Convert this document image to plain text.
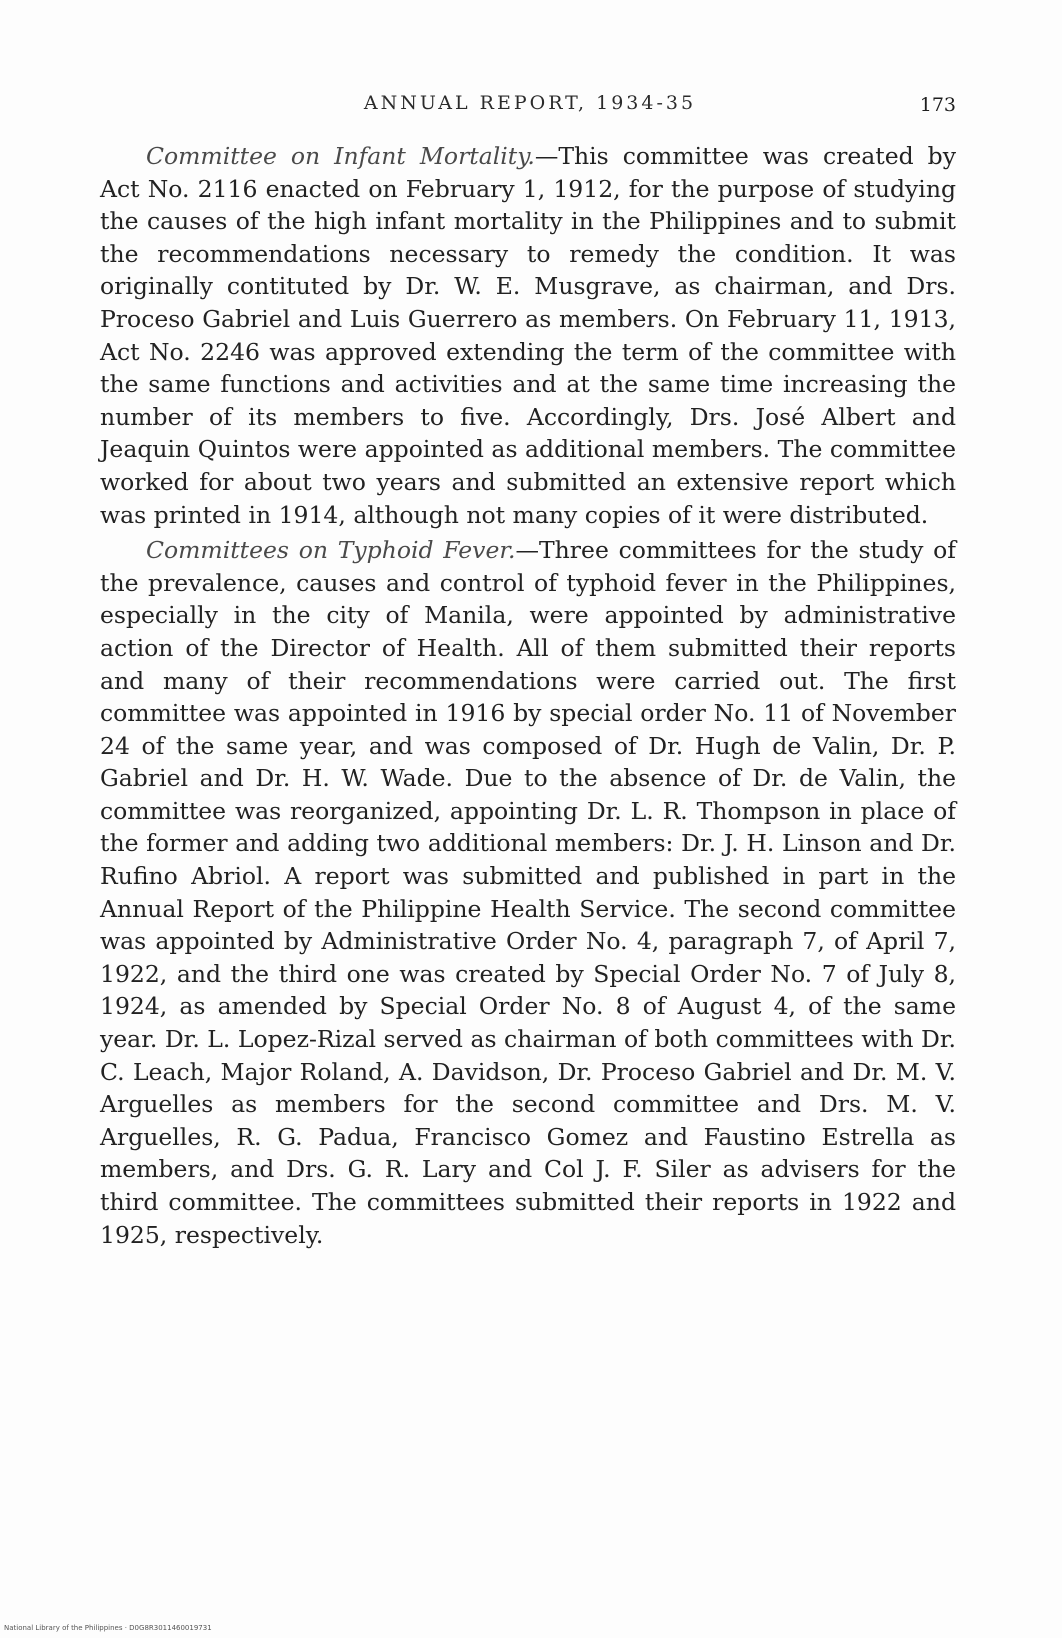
ANNUAL REPORT, 1934-35	173

Committee on Infant Mortality.—This committee was created by Act No. 2116 enacted on February 1, 1912, for the purpose of studying the causes of the high infant mortality in the Philippines and to submit the recommendations necessary to remedy the condition. It was originally contituted by Dr. W. E. Musgrave, as chairman, and Drs. Proceso Gabriel and Luis Guerrero as members. On February 11, 1913, Act No. 2246 was approved extending the term of the committee with the same functions and activities and at the same time increasing the number of its members to five. Accordingly, Drs. José Albert and Jeaquin Quintos were appointed as additional members. The committee worked for about two years and submitted an extensive report which was printed in 1914, although not many copies of it were distributed.

Committees on Typhoid Fever.—Three committees for the study of the prevalence, causes and control of typhoid fever in the Philippines, especially in the city of Manila, were appointed by administrative action of the Director of Health. All of them submitted their reports and many of their recommendations were carried out. The first committee was appointed in 1916 by special order No. 11 of November 24 of the same year, and was composed of Dr. Hugh de Valin, Dr. P. Gabriel and Dr. H. W. Wade. Due to the absence of Dr. de Valin, the committee was reorganized, appointing Dr. L. R. Thompson in place of the former and adding two additional members: Dr. J. H. Linson and Dr. Rufino Abriol. A report was submitted and published in part in the Annual Report of the Philippine Health Service. The second committee was appointed by Administrative Order No. 4, paragraph 7, of April 7, 1922, and the third one was created by Special Order No. 7 of July 8, 1924, as amended by Special Order No. 8 of August 4, of the same year. Dr. L. Lopez-Rizal served as chairman of both committees with Dr. C. Leach, Major Roland, A. Davidson, Dr. Proceso Gabriel and Dr. M. V. Arguelles as members for the second committee and Drs. M. V. Arguelles, R. G. Padua, Francisco Gomez and Faustino Estrella as members, and Drs. G. R. Lary and Col J. F. Siler as advisers for the third committee. The committees submitted their reports in 1922 and 1925, respectively.

National Library of the Philippines · D0G8R3011460019731
